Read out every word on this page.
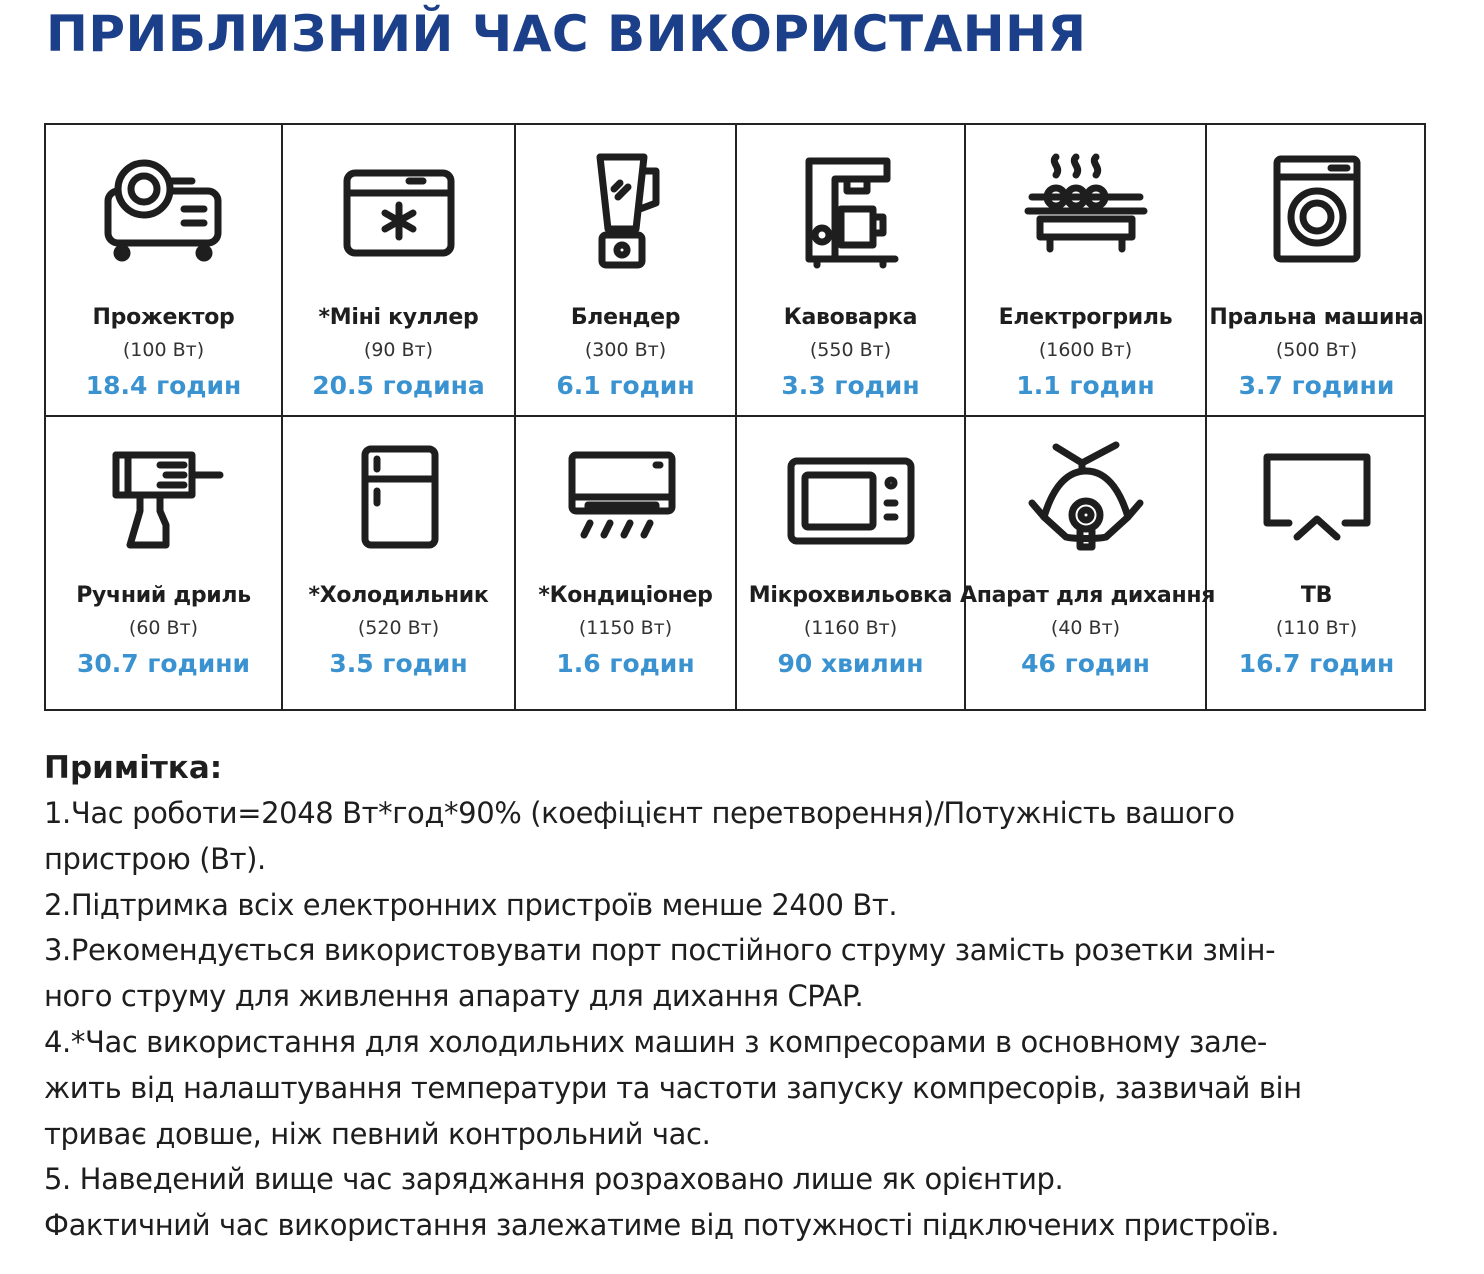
ПРИБЛИЗНИЙ ЧАС ВИКОРИСТАННЯ
Прожектор
(100 Вт)
18.4 годин
*Міні куллер
(90 Вт)
20.5 година
Блендер
(300 Вт)
6.1 годин
Кавоварка
(550 Вт)
3.3 годин
Електрогриль
(1600 Вт)
1.1 годин
Пральна машина
(500 Вт)
3.7 години
Ручний дриль
(60 Вт)
30.7 години
*Холодильник
(520 Вт)
3.5 годин
*Кондиціонер
(1150 Вт)
1.6 годин
Мікрохвильовка
(1160 Вт)
90 хвилин
Апарат для дихання
(40 Вт)
46 годин
ТВ
(110 Вт)
16.7 годин
Примітка:
1.Час роботи=2048 Вт*год*90% (коефіцієнт перетворення)/Потужність вашого
пристрою (Вт).
2.Підтримка всіх електронних пристроїв менше 2400 Вт.
3.Рекомендується використовувати порт постійного струму замість розетки змін-
ного струму для живлення апарату для дихання CPAP.
4.*Час використання для холодильних машин з компресорами в основному зале-
жить від налаштування температури та частоти запуску компресорів, зазвичай він
триває довше, ніж певний контрольний час.
5. Наведений вище час заряджання розраховано лише як орієнтир.
Фактичний час використання залежатиме від потужності підключених пристроїв.
